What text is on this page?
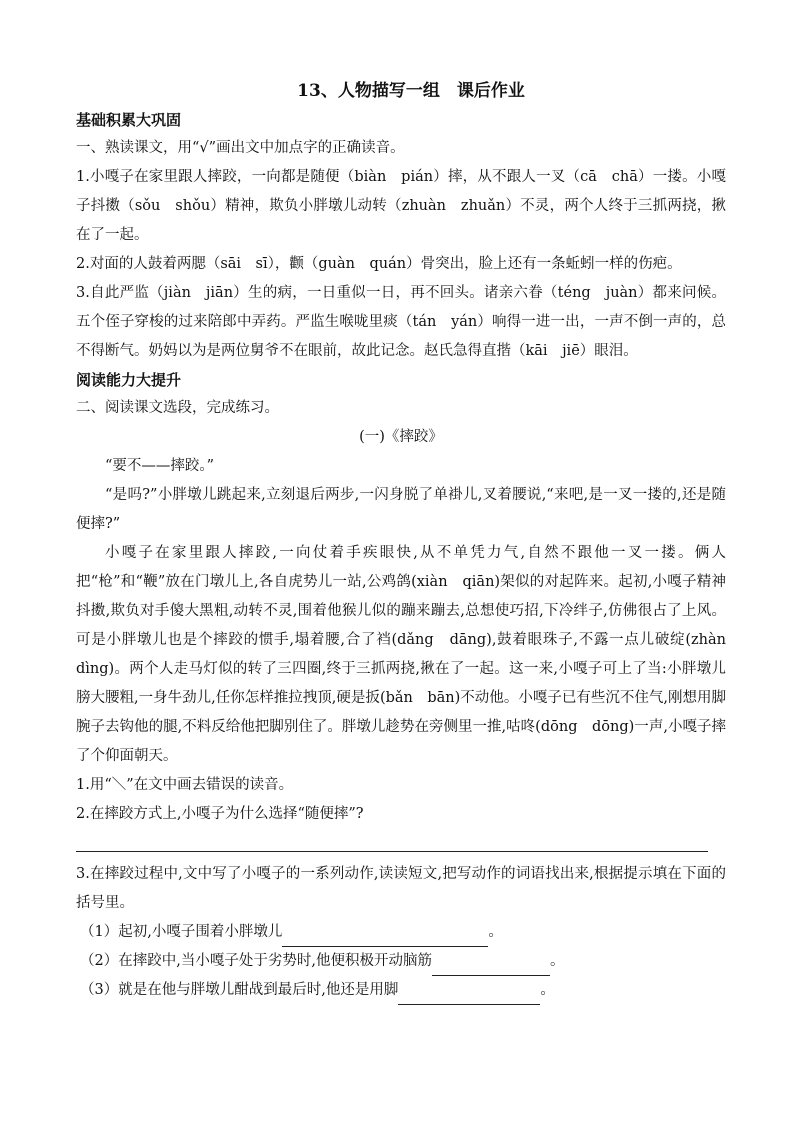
13、人物描写一组　课后作业
基础积累大巩固
一、熟读课文，用“√”画出文中加点字的正确读音。
1.小嘎子在家里跟人摔跤，一向都是随便（biàn　pián）摔，从不跟人一叉（cā　chā）一搂。小嘎子抖擞（sǒu　shǒu）精神，欺负小胖墩儿动转（zhuàn　zhuǎn）不灵，两个人终于三抓两挠，揪在了一起。
2.对面的人鼓着两腮（sāi　sī），颧（guàn　quán）骨突出，脸上还有一条蚯蚓一样的伤疤。
3.自此严监（jiàn　jiān）生的病，一日重似一日，再不回头。诸亲六眷（téng　juàn）都来问候。五个侄子穿梭的过来陪郎中弄药。严监生喉咙里痰（tán　yán）响得一进一出，一声不倒一声的，总不得断气。奶妈以为是两位舅爷不在眼前，故此记念。赵氏急得直揩（kāi　jiē）眼泪。
阅读能力大提升
二、阅读课文选段，完成练习。
(一)《摔跤》
“要不——摔跤。”
“是吗?”小胖墩儿跳起来,立刻退后两步,一闪身脱了单褂儿,叉着腰说,“来吧,是一叉一搂的,还是随便摔?”
小嘎子在家里跟人摔跤,一向仗着手疾眼快,从不单凭力气,自然不跟他一叉一搂。俩人把“枪”和“鞭”放在门墩儿上,各自虎势儿一站,公鸡鸽(xiàn　qiān)架似的对起阵来。起初,小嘎子精神抖擞,欺负对手傻大黑粗,动转不灵,围着他猴儿似的蹦来蹦去,总想使巧招,下冷绊子,仿佛很占了上风。可是小胖墩儿也是个摔跤的惯手,塌着腰,合了裆(dǎng　dāng),鼓着眼珠子,不露一点儿破绽(zhàn　dìng)。两个人走马灯似的转了三四圈,终于三抓两挠,揪在了一起。这一来,小嘎子可上了当:小胖墩儿膀大腰粗,一身牛劲儿,任你怎样推拉拽顶,硬是扳(bǎn　bān)不动他。小嘎子已有些沉不住气,刚想用脚腕子去钩他的腿,不料反给他把脚别住了。胖墩儿趁势在旁侧里一推,咕咚(dōng　dōng)一声,小嘎子摔了个仰面朝天。
1.用“＼”在文中画去错误的读音。
2.在摔跤方式上,小嘎子为什么选择“随便摔”?
3.在摔跤过程中,文中写了小嘎子的一系列动作,读读短文,把写动作的词语找出来,根据提示填在下面的括号里。
（1）起初,小嘎子围着小胖墩儿	。
（2）在摔跤中,当小嘎子处于劣势时,他便积极开动脑筋	。
（3）就是在他与胖墩儿酣战到最后时,他还是用脚	。
